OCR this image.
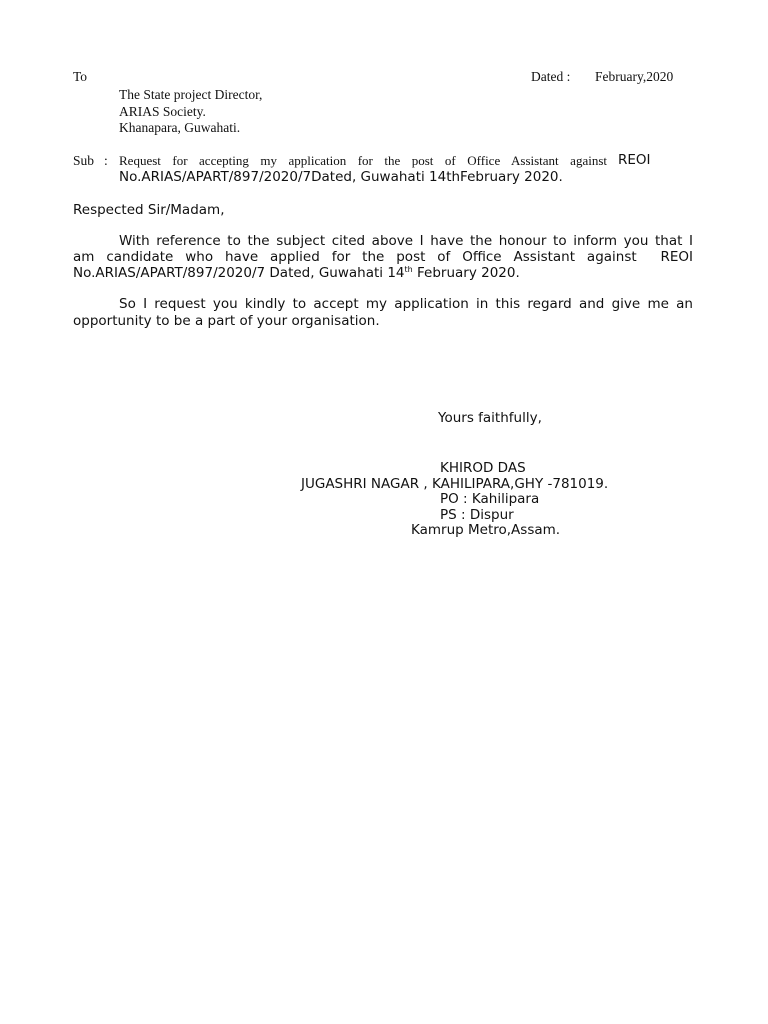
To	Dated : February,2020

The State project Director,

ARIAS Society.

Khanapara, Guwahati.

Sub : Request for accepting my application for the post of Office Assistant against REOI

No.ARIAS/APART/897/2020/7Dated, Guwahati 14thFebruary 2020.

Respected Sir/Madam,

With reference to the subject cited above I have the honour to inform you that I

am candidate who have applied for the post of Office Assistant against  REOI

No.ARIAS/APART/897/2020/7 Dated, Guwahati 14th February 2020.

So I request you kindly to accept my application in this regard and give me an

opportunity to be a part of your organisation.

Yours faithfully,

KHIROD DAS

JUGASHRI NAGAR , KAHILIPARA,GHY -781019.

PO : Kahilipara

PS : Dispur

Kamrup Metro,Assam.
